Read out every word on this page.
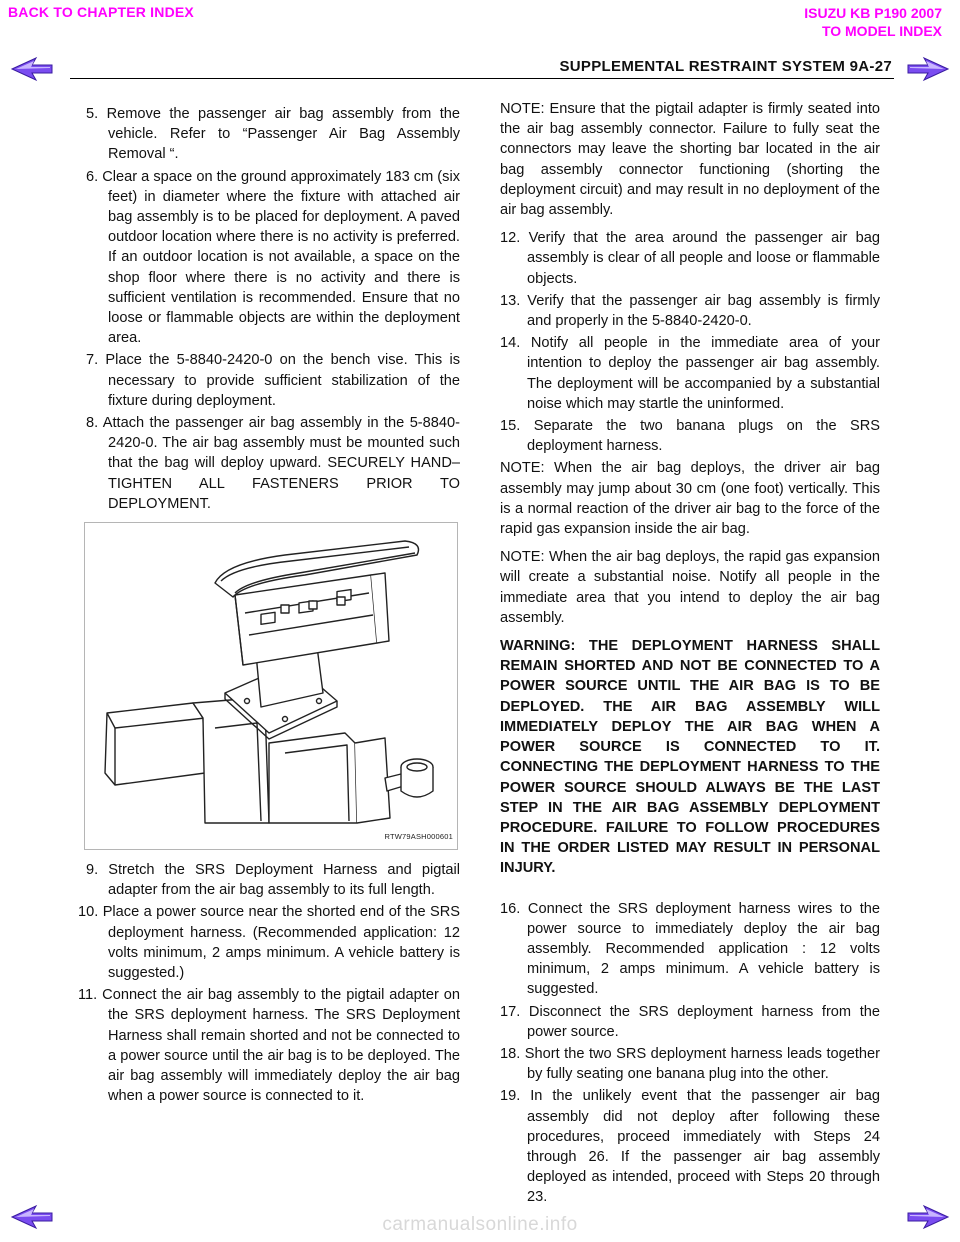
BACK TO CHAPTER INDEX	ISUZU KB P190 2007
TO MODEL INDEX
SUPPLEMENTAL RESTRAINT SYSTEM 9A-27
5. Remove the passenger air bag assembly from the vehicle. Refer to “Passenger Air Bag Assembly Removal “.
6. Clear a space on the ground approximately 183 cm (six feet) in diameter where the fixture with attached air bag assembly is to be placed for deployment. A paved outdoor location where there is no activity is preferred. If an outdoor location is not available, a space on the shop floor where there is no activity and there is sufficient ventilation is recommended. Ensure that no loose or flammable objects are within the deployment area.
7. Place the 5-8840-2420-0 on the bench vise. This is necessary to provide sufficient stabilization of the fixture during deployment.
8. Attach the passenger air bag assembly in the 5-8840-2420-0. The air bag assembly must be mounted such that the bag will deploy upward. SECURELY HAND–TIGHTEN ALL FASTENERS PRIOR TO DEPLOYMENT.
RTW79ASH000601
9. Stretch the SRS Deployment Harness and pigtail adapter from the air bag assembly to its full length.
10. Place a power source near the shorted end of the SRS deployment harness. (Recommended application: 12 volts minimum, 2 amps minimum. A vehicle battery is suggested.)
11. Connect the air bag assembly to the pigtail adapter on the SRS deployment harness. The SRS Deployment Harness shall remain shorted and not be connected to a power source until the air bag is to be deployed. The air bag assembly will immediately deploy the air bag when a power source is connected to it.
NOTE: Ensure that the pigtail adapter is firmly seated into the air bag assembly connector. Failure to fully seat the connectors may leave the shorting bar located in the air bag assembly connector functioning (shorting the deployment circuit) and may result in no deployment of the air bag assembly.
12. Verify that the area around the passenger air bag assembly is clear of all people and loose or flammable objects.
13. Verify that the passenger air bag assembly is firmly and properly in the 5-8840-2420-0.
14. Notify all people in the immediate area of your intention to deploy the passenger air bag assembly. The deployment will be accompanied by a substantial noise which may startle the uninformed.
15. Separate the two banana plugs on the SRS deployment harness.
NOTE: When the air bag deploys, the driver air bag assembly may jump about 30 cm (one foot) vertically. This is a normal reaction of the driver air bag to the force of the rapid gas expansion inside the air bag.
NOTE: When the air bag deploys, the rapid gas expansion will create a substantial noise. Notify all people in the immediate area that you intend to deploy the air bag assembly.
WARNING: THE DEPLOYMENT HARNESS SHALL REMAIN SHORTED AND NOT BE CONNECTED TO A POWER SOURCE UNTIL THE AIR BAG IS TO BE DEPLOYED. THE AIR BAG ASSEMBLY WILL IMMEDIATELY DEPLOY THE AIR BAG WHEN A POWER SOURCE IS CONNECTED TO IT. CONNECTING THE DEPLOYMENT HARNESS TO THE POWER SOURCE SHOULD ALWAYS BE THE LAST STEP IN THE AIR BAG ASSEMBLY DEPLOYMENT PROCEDURE. FAILURE TO FOLLOW PROCEDURES IN THE ORDER LISTED MAY RESULT IN PERSONAL INJURY.
16. Connect the SRS deployment harness wires to the power source to immediately deploy the air bag assembly. Recommended application : 12 volts minimum, 2 amps minimum. A vehicle battery is suggested.
17. Disconnect the SRS deployment harness from the power source.
18. Short the two SRS deployment harness leads together by fully seating one banana plug into the other.
19. In the unlikely event that the passenger air bag assembly did not deploy after following these procedures, proceed immediately with Steps 24 through 26. If the passenger air bag assembly deployed as intended, proceed with Steps 20 through 23.
carmanualsonline.info
